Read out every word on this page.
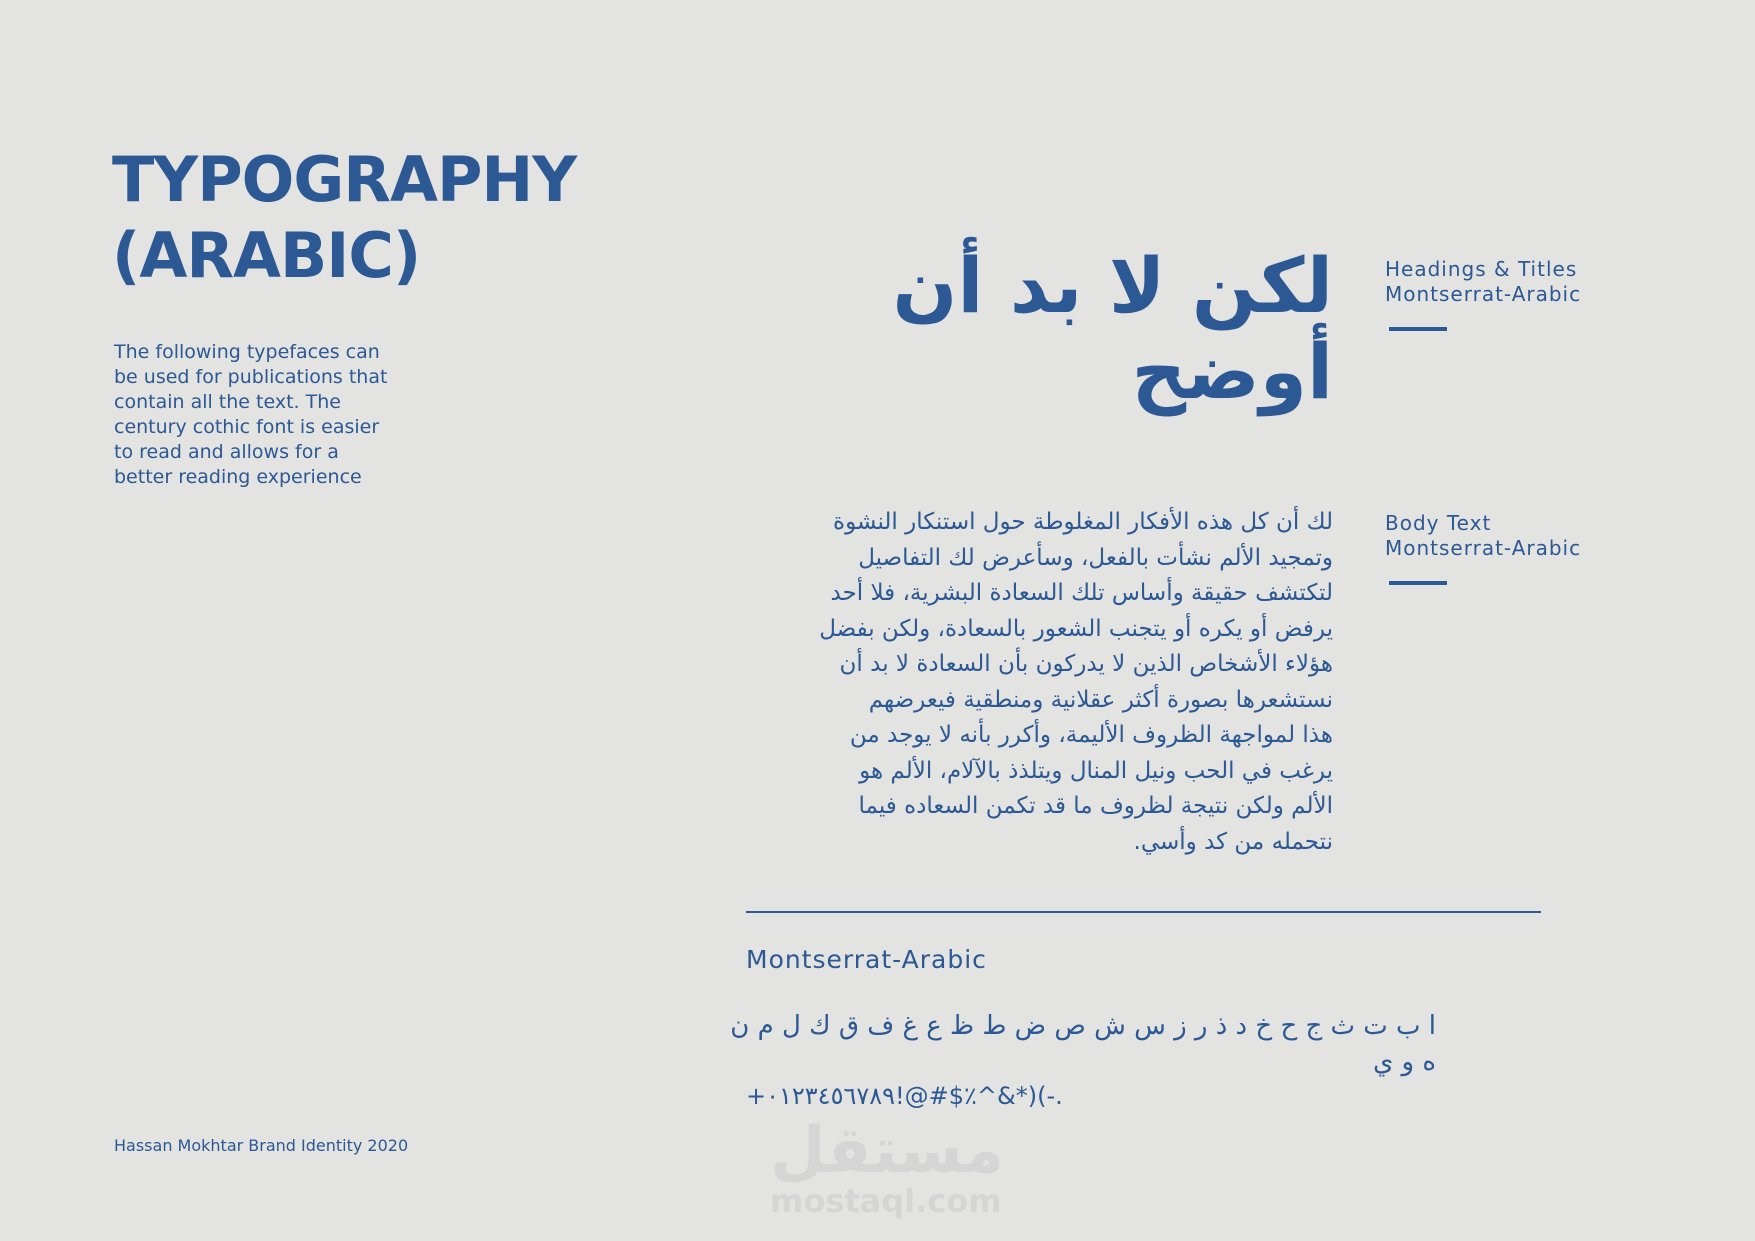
TYPOGRAPHY
(ARABIC)

The following typefaces can
be used for publications that
contain all the text. The
century cothic font is easier
to read and allows for a
better reading experience

لكن لا بد أن
أوضح
Headings & Titles
Montserrat-Arabic
لك أن كل هذه الأفكار المغلوطة حول استنكار النشوة
وتمجيد الألم نشأت بالفعل، وسأعرض لك التفاصيل
لتكتشف حقيقة وأساس تلك السعادة البشرية، فلا أحد
يرفض أو يكره أو يتجنب الشعور بالسعادة، ولكن بفضل
هؤلاء الأشخاص الذين لا يدركون بأن السعادة لا بد أن
نستشعرها بصورة أكثر عقلانية ومنطقية فيعرضهم
هذا لمواجهة الظروف الأليمة، وأكرر بأنه لا يوجد من
يرغب في الحب ونيل المنال ويتلذذ بالآلام، الألم هو
الألم ولكن نتيجة لظروف ما قد تكمن السعاده فيما
نتحمله من كد وأسي.
Body Text
Montserrat-Arabic
Montserrat-Arabic
ا ب ت ث ج ح خ د ذ ر ز س ش ص ض ط ظ ع غ ف ق ك ل م ن
ه و ي
+٠١٢٣٤٥٦٧٨٩!@#$٪^&*)(-.
Hassan Mokhtar Brand Identity 2020	مستقل
mostaql.com
